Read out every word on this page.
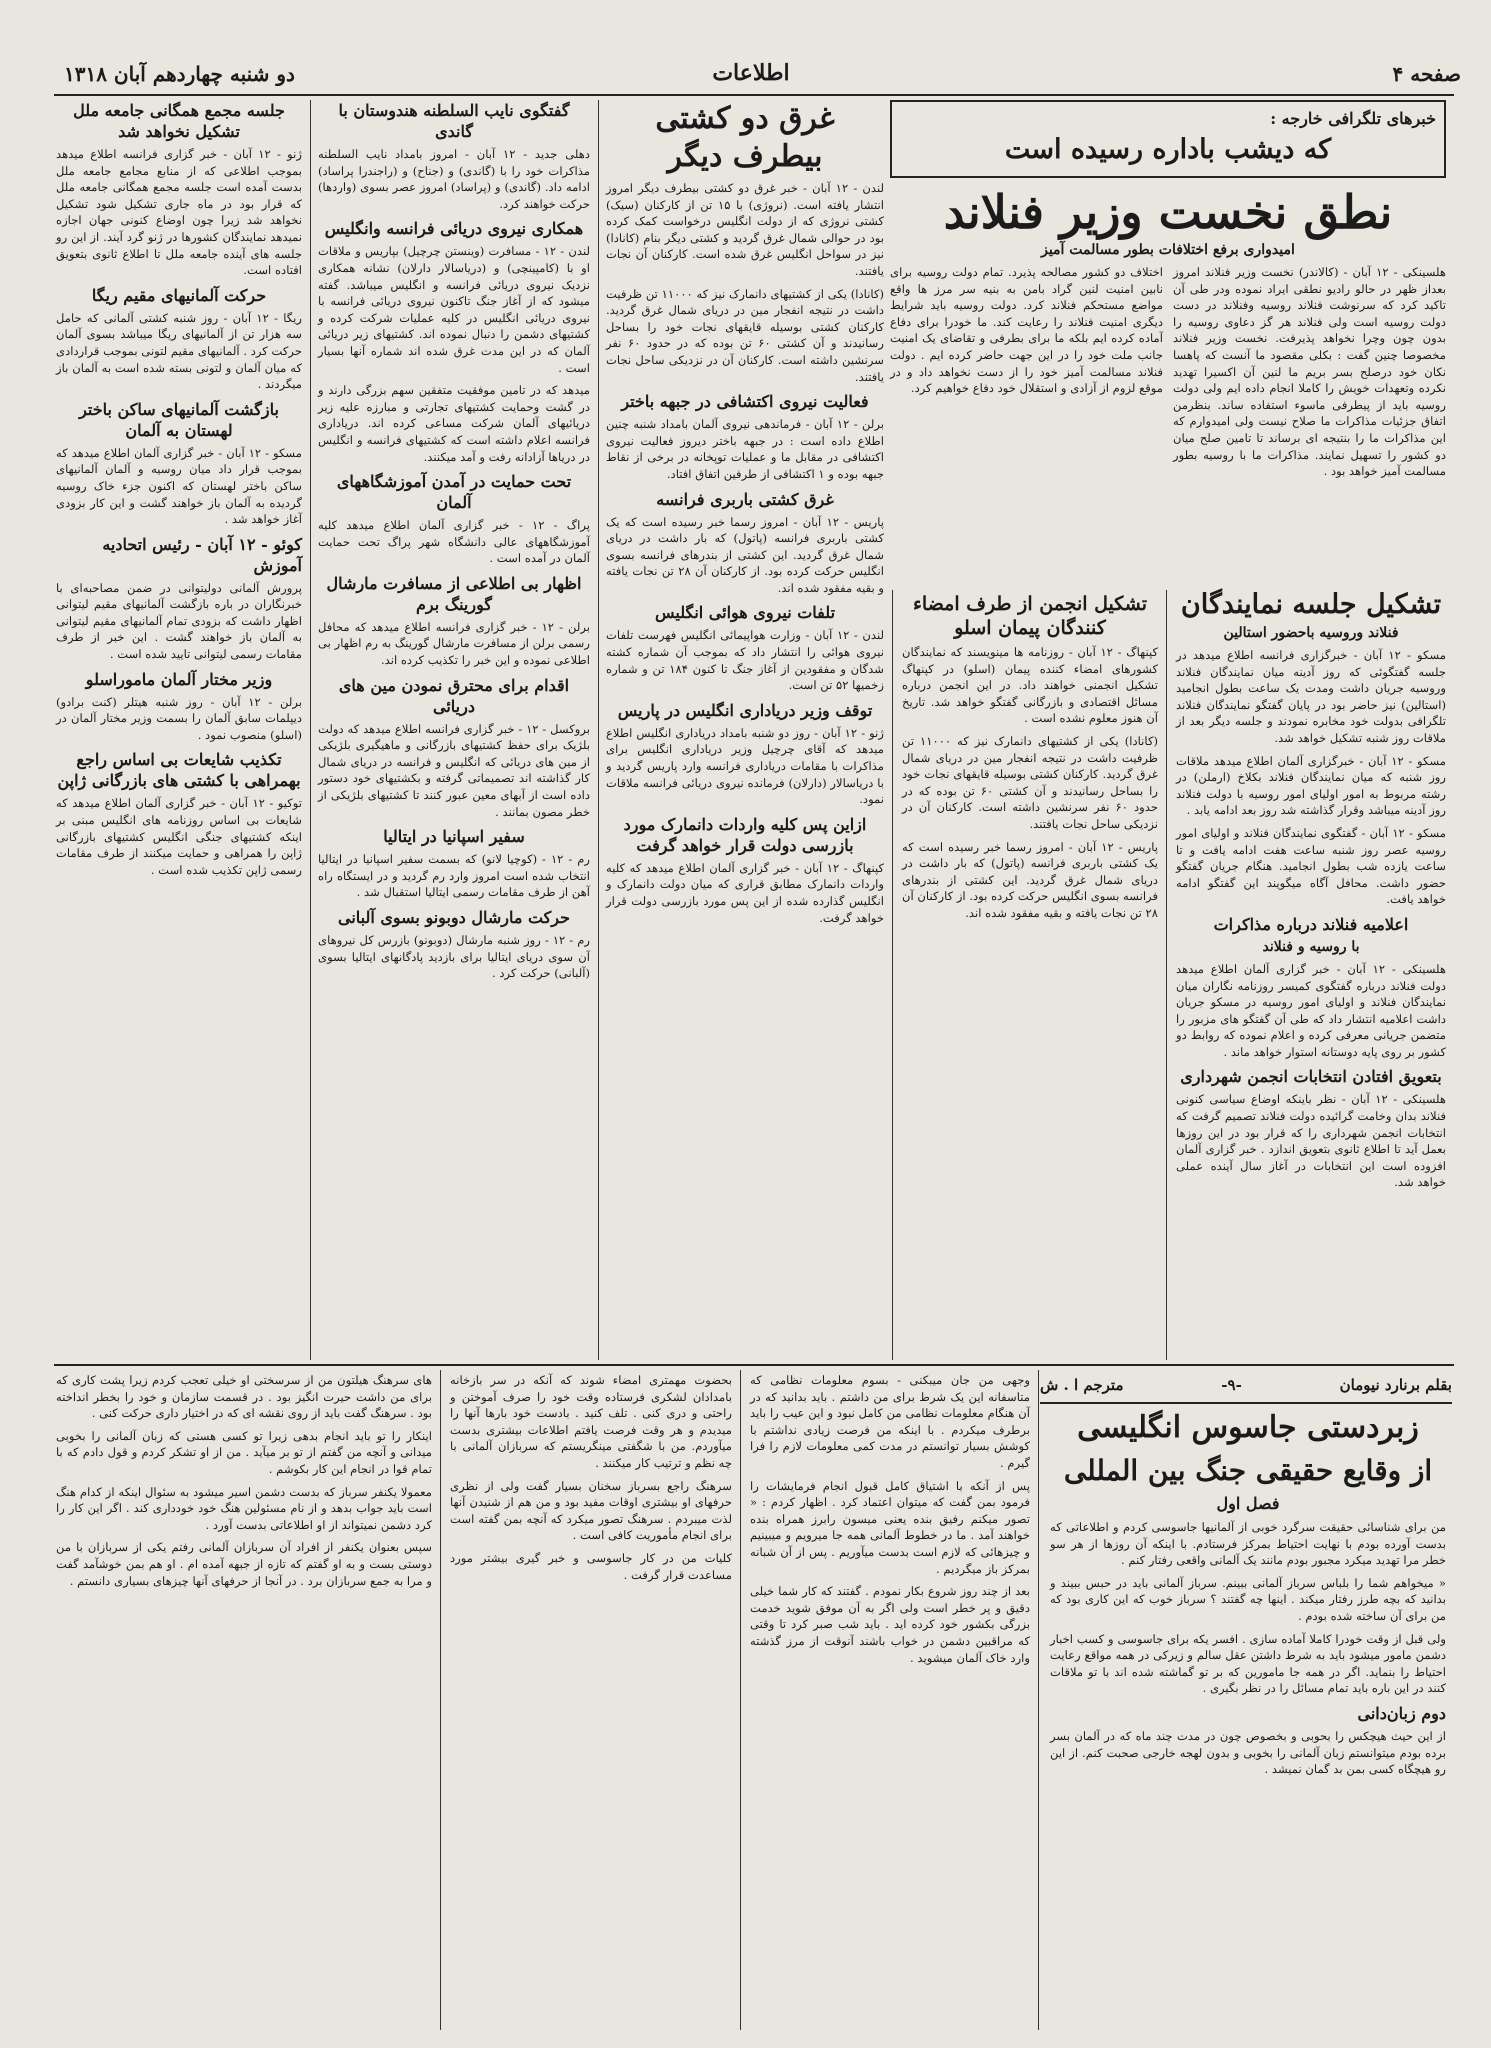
صفحه ۴
اطلاعات
دو شنبه چهاردهم آبان ۱۳۱۸
خبرهای تلگرافی خارجه :
که دیشب باداره رسیده است
نطق نخست وزیر فنلاند
امیدواری برفع اختلافات بطور مسالمت آمیز

هلسینکی - ۱۲ آبان - (کالاندر) نخست وزیر فنلاند امروز بعداز ظهر در حالو رادیو نطقی ایراد نموده ودر طی آن تاکید کرد که سرنوشت فنلاند روسیه وفنلاند در دست دولت روسیه است ولی فنلاند هر گز دعاوی روسیه را بدون چون وچرا نخواهد پذیرفت. نخست وزیر فنلاند مخصوصا چنین گفت : بکلی مقصود ما آنست که پاهسا نکان خود درصلح بسر بریم ما لنین آن اکسیرا تهدید نکرده وتعهدات خویش را کاملا انجام داده ایم ولی دولت روسیه باید از پیطرفی ماسوء استفاده ساند. بنظرمن اتفاق جزئیات مذاکرات ما صلاح نیست ولی امیدوارم که این مذاکرات ما را بنتیجه ای برساند تا تامین صلح میان دو کشور را تسهیل نمایند. مذاکرات ما با روسیه بطور مسالمت آمیز خواهد بود .

اختلاف دو کشور مصالحه پذیرد. تمام دولت روسیه برای نابین امنیت لنین گراد بامن به بنیه سر مرز ها واقع مواضع مستحکم فنلاند کرد. دولت روسیه باید شرایط دیگری امنیت فنلاند را رعایت کند. ما خودرا برای دفاع آماده کرده ایم بلکه ما برای بطرفی و تقاضای یک امنیت جانب ملت خود را در این جهت حاضر کرده ایم . دولت فنلاند مسالمت آمیز خود را از دست نخواهد داد و در موقع لزوم از آزادی و استقلال خود دفاع خواهیم کرد.

تشکیل جلسه نمایندگان
فنلاند وروسیه باحضور استالین

مسکو - ۱۲ آبان - خبرگزاری فرانسه اطلاع میدهد در جلسه گفتگوئی که روز آدینه میان نمایندگان فنلاند وروسیه جریان داشت ومدت یک ساعت بطول انجامید (استالین) نیز حاضر بود در پایان گفتگو نمایندگان فنلاند تلگرافی بدولت خود مخابره نمودند و جلسه دیگر بعد از ملاقات روز شنبه تشکیل خواهد شد.

مسکو - ۱۲ آبان - خبرگزاری آلمان اطلاع میدهد ملاقات روز شنبه که میان نمایندگان فنلاند بکلاخ (ارملن) در رشته مربوط به امور اولیای امور روسیه با دولت فنلاند روز آدینه میباشد وقرار گذاشته شد روز بعد ادامه یابد .

مسکو - ۱۲ آبان - گفتگوی نمایندگان فنلاند و اولیای امور روسیه عصر روز شنبه ساعت هفت ادامه یافت و تا ساعت یازده شب بطول انجامید. هنگام جریان گفتگو حضور داشت. محافل آگاه میگویند این گفتگو ادامه خواهد یافت.

اعلامیه فنلاند درباره مذاکرات
با روسیه و فنلاند

هلسینکی - ۱۲ آبان - خبر گزاری آلمان اطلاع میدهد دولت فنلاند درباره گفتگوی کمیسر روزنامه نگاران میان نمایندگان فنلاند و اولیای امور روسیه در مسکو جریان داشت اعلامیه انتشار داد که طی آن گفتگو های مزبور را متضمن جریانی معرفی کرده و اعلام نموده که روابط دو کشور بر روی پایه دوستانه استوار خواهد ماند .

بتعویق افتادن انتخابات انجمن شهرداری

هلسینکی - ۱۲ آبان - نظر باینکه اوضاع سیاسی کنونی فنلاند بدان وخامت گرائیده دولت فنلاند تصمیم گرفت که انتخابات انجمن شهرداری را که قرار بود در این روزها بعمل آید تا اطلاع ثانوی بتعویق اندازد . خبر گزاری آلمان افزوده است این انتخابات در آغاز سال آینده عملی خواهد شد.

تشکیل انجمن از طرف امضاء کنندگان پیمان اسلو

کپنهاگ - ۱۲ آبان - روزنامه ها مینویسند که نمایندگان کشورهای امضاء کننده پیمان (اسلو) در کپنهاگ تشکیل انجمنی خواهند داد. در این انجمن درباره مسائل اقتصادی و بازرگانی گفتگو خواهد شد. تاریخ آن هنوز معلوم نشده است .

(کانادا) یکی از کشتیهای دانمارک نیز که ۱۱۰۰۰ تن ظرفیت داشت در نتیجه انفجار مین در دریای شمال غرق گردید. کارکنان کشتی بوسیله قایقهای نجات خود را بساحل رسانیدند و آن کشتی ۶۰ تن بوده که در حدود ۶۰ نفر سرنشین داشته است. کارکنان آن در نزدیکی ساحل نجات یافتند.

پاریس - ۱۲ آبان - امروز رسما خبر رسیده است که یک کشتی باربری فرانسه (پاتول) که بار داشت در دریای شمال غرق گردید. این کشتی از بندرهای فرانسه بسوی انگلیس حرکت کرده بود. از کارکنان آن ۲۸ تن نجات یافته و بقیه مفقود شده اند.

غرق دو کشتی بیطرف دیگر

لندن - ۱۲ آبان - خبر غرق دو کشتی بیطرف دیگر امروز انتشار یافته است. (نروژی) با ۱۵ تن از کارکنان (سیک) کشتی نروژی که از دولت انگلیس درخواست کمک کرده بود در حوالی شمال غرق گردید و کشتی دیگر بنام (کانادا) نیز در سواحل انگلیس غرق شده است. کارکنان آن نجات یافتند.

(کانادا) یکی از کشتیهای دانمارک نیز که ۱۱۰۰۰ تن ظرفیت داشت در نتیجه انفجار مین در دریای شمال غرق گردید. کارکنان کشتی بوسیله قایقهای نجات خود را بساحل رسانیدند و آن کشتی ۶۰ تن بوده که در حدود ۶۰ نفر سرنشین داشته است. کارکنان آن در نزدیکی ساحل نجات یافتند.

فعالیت نیروی اکتشافی در جبهه باختر

برلن - ۱۲ آبان - فرماندهی نیروی آلمان بامداد شنبه چنین اطلاع داده است : در جبهه باختر دیروز فعالیت نیروی اکتشافی در مقابل ما و عملیات توپخانه در برخی از نقاط جبهه بوده و ۱ اکتشافی از طرفین اتفاق افتاد.

غرق کشتی باربری فرانسه

پاریس - ۱۲ آبان - امروز رسما خبر رسیده است که یک کشتی باربری فرانسه (پاتول) که بار داشت در دریای شمال غرق گردید. این کشتی از بندرهای فرانسه بسوی انگلیس حرکت کرده بود. از کارکنان آن ۲۸ تن نجات یافته و بقیه مفقود شده اند.

تلفات نیروی هوائی انگلیس

لندن - ۱۲ آبان - وزارت هواپیمائی انگلیس فهرست تلفات نیروی هوائی را انتشار داد که بموجب آن شماره کشته شدگان و مفقودین از آغاز جنگ تا کنون ۱۸۴ تن و شماره زخمیها ۵۲ تن است.

توقف وزیر دریاداری انگلیس در پاریس

ژنو - ۱۲ آبان - روز دو شنبه بامداد دریاداری انگلیس اطلاع میدهد که آقای چرچیل وزیر دریاداری انگلیس برای مذاکرات با مقامات دریاداری فرانسه وارد پاریس گردید و با دریاسالار (دارلان) فرمانده نیروی دریائی فرانسه ملاقات نمود.

ازاین پس کلیه واردات دانمارک مورد بازرسی دولت قرار خواهد گرفت

کپنهاگ - ۱۲ آبان - خبر گزاری آلمان اطلاع میدهد که کلیه واردات دانمارک مطابق قراری که میان دولت دانمارک و انگلیس گذارده شده از این پس مورد بازرسی دولت قرار خواهد گرفت.

گفتگوی نایب السلطنه هندوستان با گاندی

دهلی جدید - ۱۲ آبان - امروز بامداد نایب السلطنه مذاکرات خود را با (گاندی) و (جناح) و (راجندرا پراساد) ادامه داد. (گاندی) و (پراساد) امروز عصر بسوی (واردها) حرکت خواهند کرد.

همکاری نیروی دریائی فرانسه وانگلیس

لندن - ۱۲ - مسافرت (وینستن چرچیل) بپاریس و ملاقات او با (کامپینچی) و (دریاسالار دارلان) نشانه همکاری نزدیک نیروی دریائی فرانسه و انگلیس میباشد. گفته میشود که از آغاز جنگ تاکنون نیروی دریائی فرانسه با نیروی دریائی انگلیس در کلیه عملیات شرکت کرده و کشتیهای دشمن را دنبال نموده اند. کشتیهای زیر دریائی آلمان که در این مدت غرق شده اند شماره آنها بسیار است .

میدهد که در تامین موفقیت متفقین سهم بزرگی دارند و در گشت وحمایت کشتیهای تجارتی و مبارزه علیه زیر دریائیهای آلمان شرکت مساعی کرده اند. دریاداری فرانسه اعلام داشته است که کشتیهای فرانسه و انگلیس در دریاها آزادانه رفت و آمد میکنند.

تحت حمایت در آمدن آموزشگاههای آلمان

پراگ - ۱۲ - خبر گزاری آلمان اطلاع میدهد کلیه آموزشگاههای عالی دانشگاه شهر پراگ تحت حمایت آلمان در آمده است .

اظهار بی اطلاعی از مسافرت مارشال گورینگ برم

برلن - ۱۲ - خبر گزاری فرانسه اطلاع میدهد که محافل رسمی برلن از مسافرت مارشال گورینگ به رم اظهار بی اطلاعی نموده و این خبر را تکذیب کرده اند.

اقدام برای محترق نمودن مین های دریائی

بروکسل - ۱۲ - خبر گزاری فرانسه اطلاع میدهد که دولت بلژیک برای حفظ کشتیهای بازرگانی و ماهیگیری بلژیکی از مین های دریائی که انگلیس و فرانسه در دریای شمال کار گذاشته اند تصمیماتی گرفته و بکشتیهای خود دستور داده است از آبهای معین عبور کنند تا کشتیهای بلژیکی از خطر مصون بمانند .

سفیر اسپانیا در ایتالیا

رم - ۱۲ - (کوچیا لانو) که بسمت سفیر اسپانیا در ایتالیا انتخاب شده است امروز وارد رم گردید و در ایستگاه راه آهن از طرف مقامات رسمی ایتالیا استقبال شد .

حرکت مارشال دوبونو بسوی آلبانی

رم - ۱۲ - روز شنبه مارشال (دوبونو) بازرس کل نیروهای آن سوی دریای ایتالیا برای بازدید پادگانهای ایتالیا بسوی (آلبانی) حرکت کرد .

جلسه مجمع همگانی جامعه ملل تشکیل نخواهد شد

ژنو - ۱۲ آبان - خبر گزاری فرانسه اطلاع میدهد بموجب اطلاعی که از منابع مجامع جامعه ملل بدست آمده است جلسه مجمع همگانی جامعه ملل که قرار بود در ماه جاری تشکیل شود تشکیل نخواهد شد زیرا چون اوضاع کنونی جهان اجازه نمیدهد نمایندگان کشورها در ژنو گرد آیند. از این رو جلسه های آینده جامعه ملل تا اطلاع ثانوی بتعویق افتاده است.

حرکت آلمانیهای مقیم ریگا

ریگا - ۱۲ آبان - روز شنبه کشتی آلمانی که حامل سه هزار تن از آلمانیهای ریگا میباشد بسوی آلمان حرکت کرد . آلمانیهای مقیم لتونی بموجب قراردادی که میان آلمان و لتونی بسته شده است به آلمان باز میگردند .

بازگشت آلمانیهای ساکن باختر لهستان به آلمان

مسکو - ۱۲ آبان - خبر گزاری آلمان اطلاع میدهد که بموجب قرار داد میان روسیه و آلمان آلمانیهای ساکن باختر لهستان که اکنون جزء خاک روسیه گردیده به آلمان باز خواهند گشت و این کار بزودی آغاز خواهد شد .

کوئو - ۱۲ آبان - رئیس اتحادیه آموزش

پرورش آلمانی دولیتوانی در ضمن مصاحبه‌ای با خبرنگاران در باره بازگشت آلمانیهای مقیم لیتوانی اظهار داشت که بزودی تمام آلمانیهای مقیم لیتوانی به آلمان باز خواهند گشت . این خبر از طرف مقامات رسمی لیتوانی تایید شده است .

وزیر مختار آلمان ماموراسلو

برلن - ۱۲ آبان - روز شنبه هیتلر (کنت برادو) دیپلمات سابق آلمان را بسمت وزیر مختار آلمان در (اسلو) منصوب نمود .

تکذیب شایعات بی اساس راجع بهمراهی با کشتی های بازرگانی ژاپن

توکیو - ۱۲ آبان - خبر گزاری آلمان اطلاع میدهد که شایعات بی اساس روزنامه های انگلیس مبنی بر اینکه کشتیهای جنگی انگلیس کشتیهای بازرگانی ژاپن را همراهی و حمایت میکنند از طرف مقامات رسمی ژاپن تکذیب شده است .

بقلم برنارد نیومان
-۹-
مترجم ا . ش
زبردستی جاسوس انگلیسی
از وقایع حقیقی جنگ بین المللی
فصل اول

من برای شناسائی حقیقت سرگرد خوبی از آلمانیها جاسوسی کردم و اطلاعاتی که بدست آورده بودم با نهایت احتیاط بمرکز فرستادم. با اینکه آن روزها از هر سو خطر مرا تهدید میکرد مجبور بودم مانند یک آلمانی واقعی رفتار کنم .

« میخواهم شما را بلباس سرباز آلمانی ببینم. سرباز آلمانی باید در حبس ببیند و بدانید که بچه طرز رفتار میکند . اینها چه گفتند ؟ سرباز خوب که این کاری بود که من برای آن ساخته شده بودم .

ولی قبل از وقت خودرا کاملا آماده سازی . افسر یکه برای جاسوسی و کسب اخبار دشمن مامور میشود باید به شرط داشتن عقل سالم و زیرکی در همه مواقع رعایت احتیاط را بنماید. اگر در همه جا مامورین که بر تو گماشته شده اند با تو ملاقات کنند در این باره باید تمام مسائل را در نظر بگیری .

دوم زبان‌دانی

از این حیث هیچکس را بحوبی و بخصوص چون در مدت چند ماه که در آلمان بسر برده بودم میتوانستم زبان آلمانی را بخوبی و بدون لهجه خارجی صحبت کنم. از این رو هیچگاه کسی بمن بد گمان نمیشد .

وجهی من جان میبکنی - بسوم معلومات نظامی که متاسفانه این یک شرط برای من داشتم . باید بدانید که در آن هنگام معلومات نظامی من کامل نبود و این عیب را باید برطرف میکردم . با اینکه من فرصت زیادی نداشتم با کوشش بسیار توانستم در مدت کمی معلومات لازم را فرا گیرم .

پس از آنکه با اشتیاق کامل قبول انجام فرمایشات را فرمود بمن گفت که میتوان اعتماد کرد . اظهار کردم : « تصور میکنم رفیق بنده یعنی میسون رابرز همراه بنده خواهند آمد . ما در خطوط آلمانی همه جا میرویم و میبینیم و چیزهائی که لازم است بدست میآوریم . پس از آن شبانه بمرکز باز میگردیم .

بعد از چند روز شروع بکار نمودم . گفتند که کار شما خیلی دقیق و پر خطر است ولی اگر به آن موفق شوید خدمت بزرگی بکشور خود کرده اید . باید شب صبر کرد تا وقتی که مراقبین دشمن در خواب باشند آنوقت از مرز گذشته وارد خاک آلمان میشوید .

بحضوت مهمتری امضاء شوند که آنکه در سر بازخانه بامدادان لشکری فرستاده وقت خود را صرف آموختن و راحتی و دری کنی . تلف کنید . بادست خود بارها آنها را میدیدم و هر وقت فرصت یافتم اطلاعات بیشتری بدست میآوردم. من با شگفتی مینگریستم که سربازان آلمانی با چه نظم و ترتیب کار میکنند .

سرهنگ راجع بسرباز سخنان بسیار گفت ولی از نظری حرفهای او بیشتری اوقات مفید بود و من هم از شنیدن آنها لذت میبردم . سرهنگ تصور میکرد که آنچه بمن گفته است برای انجام مأموریت کافی است .

کلیات من در کار جاسوسی و خبر گیری بیشتر مورد مساعدت قرار گرفت .

های سرهنگ هیلتون من از سرسختی او خیلی تعجب کردم زیرا پشت کاری که برای من داشت حیرت انگیز بود . در قسمت سازمان و خود را بخطر انداخته بود . سرهنگ گفت باید از روی نقشه ای که در اختیار داری حرکت کنی .

اینکار را تو باید انجام بدهی زیرا تو کسی هستی که زبان آلمانی را بخوبی میدانی و آنچه من گفتم از تو بر میآید . من از او تشکر کردم و قول دادم که با تمام قوا در انجام این کار بکوشم .

معمولا یکنفر سرباز که بدست دشمن اسیر میشود به سئوال اینکه از کدام هنگ است باید جواب بدهد و از نام مسئولین هنگ خود خودداری کند . اگر این کار را کرد دشمن نمیتواند از او اطلاعاتی بدست آورد .

سپس بعنوان یکنفر از افراد آن سربازان آلمانی رفتم یکی از سربازان با من دوستی بست و به او گفتم که تازه از جبهه آمده ام . او هم بمن خوشآمد گفت و مرا به جمع سربازان برد . در آنجا از حرفهای آنها چیزهای بسیاری دانستم .
